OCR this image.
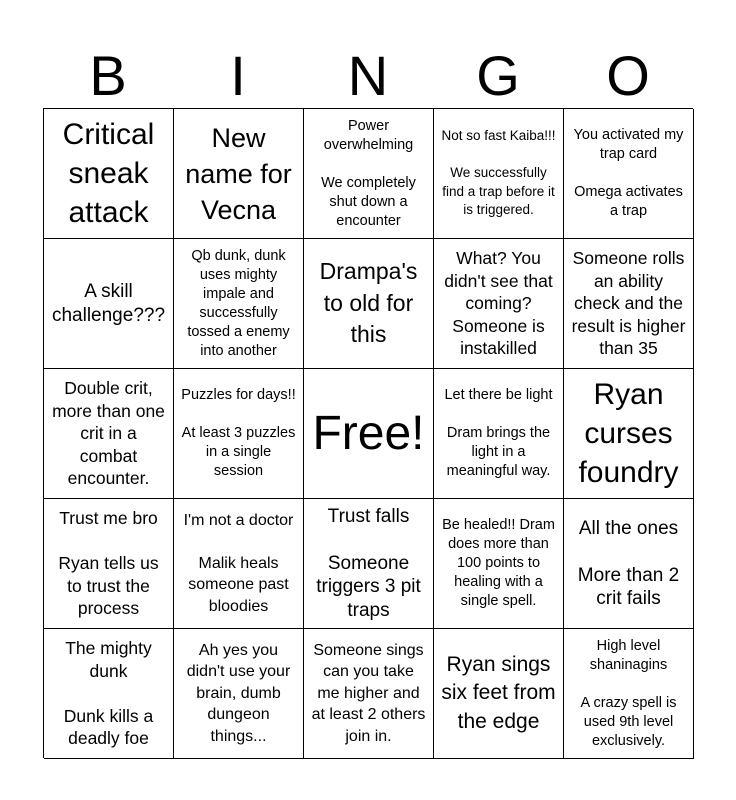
B	I	N	G	O
Critical sneak attack
New name for Vecna
Power overwhelming

We completely shut down a encounter
Not so fast Kaiba!!!

We successfully find a trap before it is triggered.
You activated my trap card

Omega activates a trap
A skill challenge???
Qb dunk, dunk uses mighty impale and successfully tossed a enemy into another
Drampa's to old for this
What? You didn't see that coming? Someone is instakilled
Someone rolls an ability check and the result is higher than 35
Double crit, more than one crit in a combat encounter.
Puzzles for days!!

At least 3 puzzles in a single session
Free!
Let there be light

Dram brings the light in a meaningful way.
Ryan curses foundry
Trust me bro

Ryan tells us to trust the process
I'm not a doctor

Malik heals someone past bloodies
Trust falls

Someone triggers 3 pit traps
Be healed!! Dram does more than 100 points to healing with a single spell.
All the ones

More than 2 crit fails
The mighty dunk

Dunk kills a deadly foe
Ah yes you didn't use your brain, dumb dungeon things...
Someone sings can you take me higher and at least 2 others join in.
Ryan sings six feet from the edge
High level shaninagins

A crazy spell is used 9th level exclusively.
